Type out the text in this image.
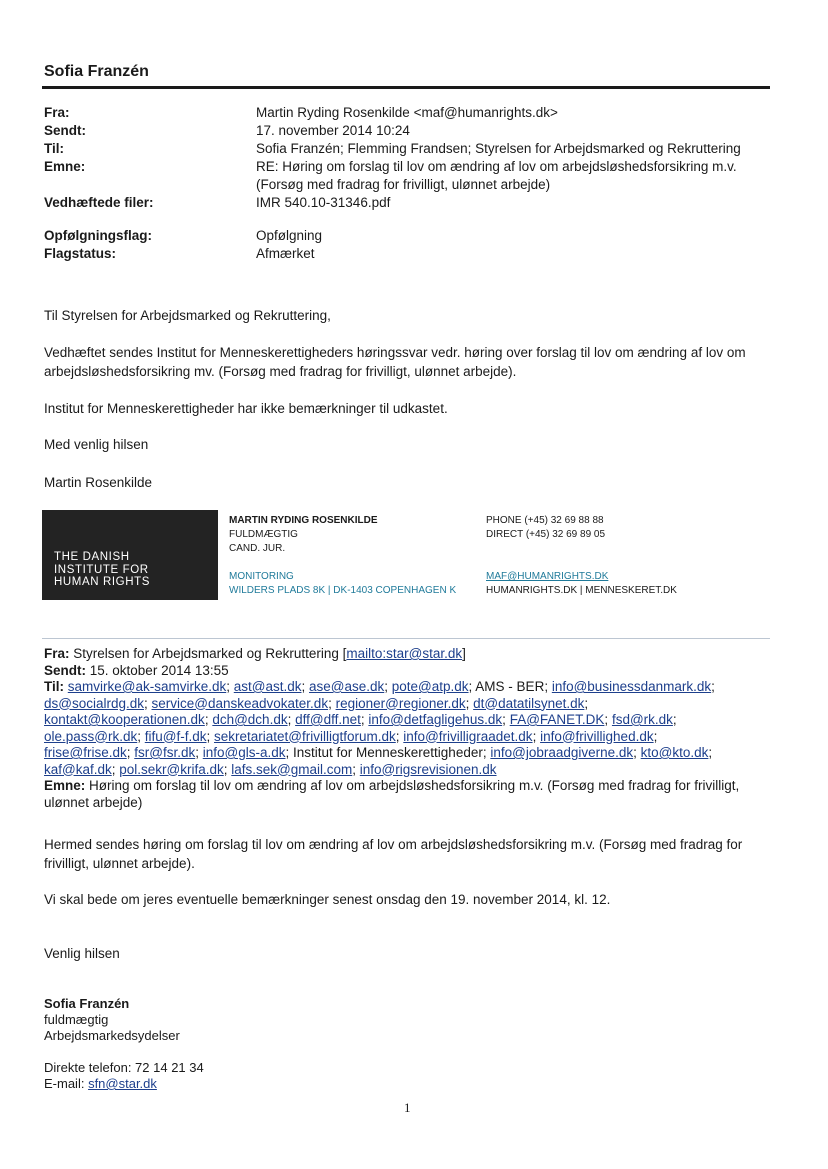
Sofia Franzén
Fra:	Martin Ryding Rosenkilde <maf@humanrights.dk>
Sendt:	17. november 2014 10:24
Til:	Sofia Franzén; Flemming Frandsen; Styrelsen for Arbejdsmarked og Rekruttering
Emne:	RE: Høring om forslag til lov om ændring af lov om arbejdsløshedsforsikring m.v.
(Forsøg med fradrag for frivilligt, ulønnet arbejde)
Vedhæftede filer:	IMR 540.10-31346.pdf
Opfølgningsflag:	Opfølgning
Flagstatus:	Afmærket
Til Styrelsen for Arbejdsmarked og Rekruttering,
Vedhæftet sendes Institut for Menneskerettigheders høringssvar vedr. høring over forslag til lov om ændring af lov om arbejdsløshedsforsikring mv. (Forsøg med fradrag for frivilligt, ulønnet arbejde).
Institut for Menneskerettigheder har ikke bemærkninger til udkastet.
Med venlig hilsen
Martin Rosenkilde
THE DANISH
INSTITUTE FOR
HUMAN RIGHTS
MARTIN RYDING ROSENKILDE
FULDMÆGTIG
CAND. JUR.
MONITORING
WILDERS PLADS 8K | DK-1403 COPENHAGEN K
PHONE (+45) 32 69 88 88
DIRECT (+45) 32 69 89 05
MAF@HUMANRIGHTS.DK
HUMANRIGHTS.DK | MENNESKERET.DK
Fra: Styrelsen for Arbejdsmarked og Rekruttering [mailto:star@star.dk]
Sendt: 15. oktober 2014 13:55
Til: samvirke@ak-samvirke.dk; ast@ast.dk; ase@ase.dk; pote@atp.dk; AMS - BER; info@businessdanmark.dk;
ds@socialrdg.dk; service@danskeadvokater.dk; regioner@regioner.dk; dt@datatilsynet.dk;
kontakt@kooperationen.dk; dch@dch.dk; dff@dff.net; info@detfagligehus.dk; FA@FANET.DK; fsd@rk.dk;
ole.pass@rk.dk; fifu@f-f.dk; sekretariatet@frivilligtforum.dk; info@frivilligraadet.dk; info@frivillighed.dk;
frise@frise.dk; fsr@fsr.dk; info@gls-a.dk; Institut for Menneskerettigheder; info@jobraadgiverne.dk; kto@kto.dk;
kaf@kaf.dk; pol.sekr@krifa.dk; lafs.sek@gmail.com; info@rigsrevisionen.dk
Emne: Høring om forslag til lov om ændring af lov om arbejdsløshedsforsikring m.v. (Forsøg med fradrag for frivilligt,
ulønnet arbejde)
Hermed sendes høring om forslag til lov om ændring af lov om arbejdsløshedsforsikring m.v. (Forsøg med fradrag for frivilligt, ulønnet arbejde).
Vi skal bede om jeres eventuelle bemærkninger senest onsdag den 19. november 2014, kl. 12.
Venlig hilsen
Sofia Franzén
fuldmægtig
Arbejdsmarkedsydelser
Direkte telefon: 72 14 21 34
E-mail: sfn@star.dk
1
